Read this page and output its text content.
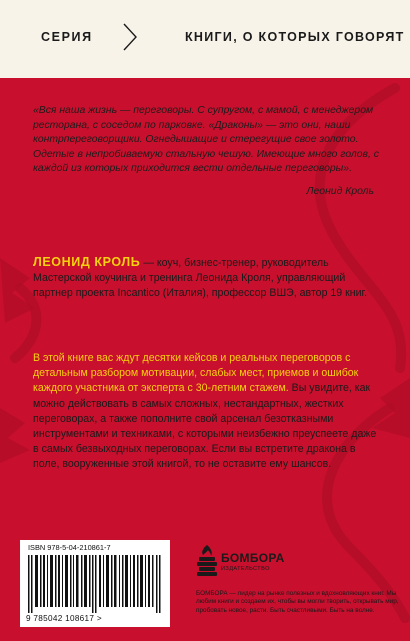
СЕРИЯ	КНИГИ, О КОТОРЫХ ГОВОРЯТ
«Вся наша жизнь — переговоры. С супругом, с мамой, с менеджером ресторана, с соседом по парковке. «Драконы» — это они, наши контрпереговорщики. Огнедышащие и стерегущие свое золото. Одетые в непробиваемую стальную чешую. Имеющие много голов, с каждой из которых приходится вести отдельные переговоры».
Леонид Кроль
ЛЕОНИД КРОЛЬ — коуч, бизнес-тренер, руководитель Мастерской коучинга и тренинга Леонида Кроля, управляющий партнер проекта Incantico (Италия), профессор ВШЭ, автор 19 книг.
В этой книге вас ждут десятки кейсов и реальных переговоров с детальным разбором мотивации, слабых мест, приемов и ошибок каждого участника от эксперта с 30-летним стажем. Вы увидите, как можно действовать в самых сложных, нестандартных, жестких переговорах, а также пополните свой арсенал безотказными инструментами и техниками, с которыми неизбежно преуспеете даже в самых безвыходных переговорах. Если вы встретите дракона в поле, вооруженные этой книгой, то не оставите ему шансов.
ISBN 978-5-04-210861-7
9 785042 108617 >
БОМБОРА
ИЗДАТЕЛЬСТВО
БОМБОРА — лидер на рынке полезных и вдохновляющих книг. Мы любим книги и создаем их, чтобы вы могли творить, открывать мир, пробовать новое, расти. Быть счастливыми. Быть на волне.
